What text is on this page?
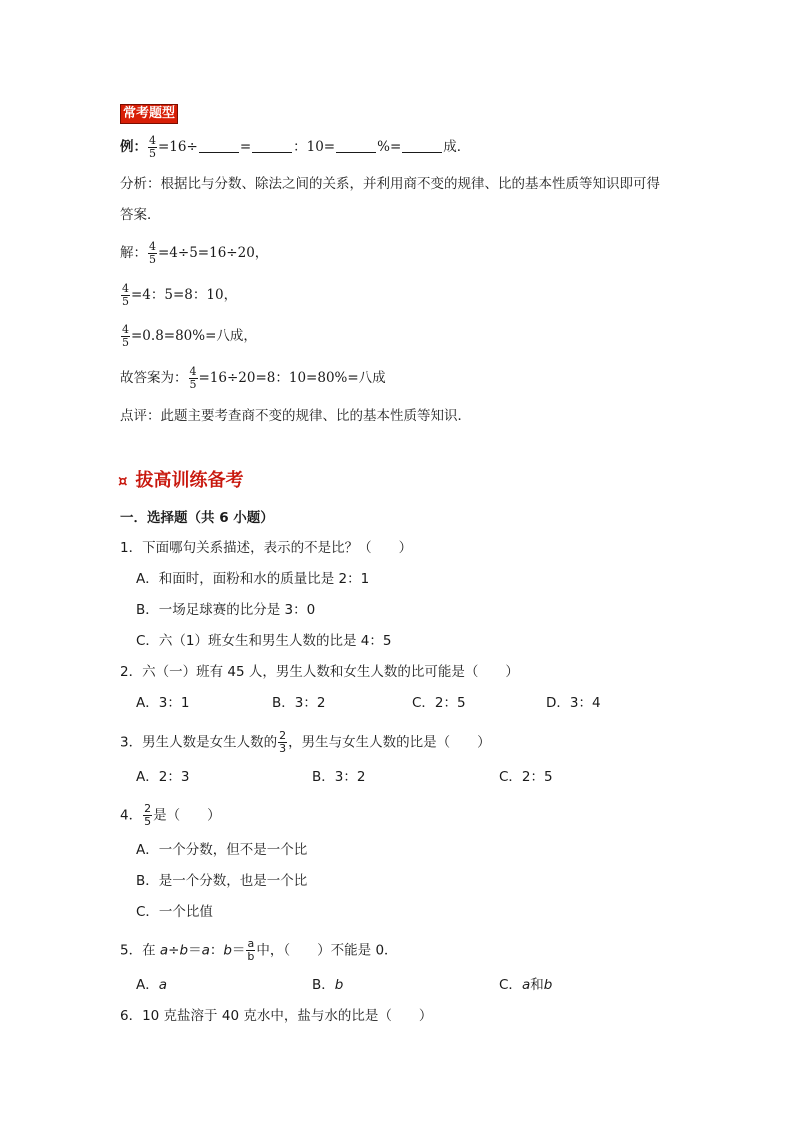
常考题型
例： $\frac{4}{5} =16\div$	=	：10=	%=	成．
分析：根据比与分数、除法之间的关系，并利用商不变的规律、比的基本性质等知识即可得
答案．
解： $\frac{4}{5} =4\div 5=16\div 20$，
$\frac{4}{5} =4$：5=8：10，
$\frac{4}{5} =0.8=80\%=$八成，
故答案为： $\frac{4}{5} =16\div 20=8$：10=80%=八成
点评：此题主要考查商不变的规律、比的基本性质等知识．
¤ 拔高训练备考
一．选择题（共 6 小题）
1．下面哪句关系描述，表示的不是比？（　　）
A．和面时，面粉和水的质量比是 2：1
B．一场足球赛的比分是 3：0
C．六（1）班女生和男生人数的比是 4：5
2．六（一）班有 45 人，男生人数和女生人数的比可能是（　　）
A．3：1	B．3：2	C．2：5	D．3：4
3．男生人数是女生人数的 $\frac{2}{3}$ ，男生与女生人数的比是（　　）
A．2：3	B．3：2	C．2：5
4． $\frac{2}{5}$ 是（　　）
A．一个分数，但不是一个比
B．是一个分数，也是一个比
C．一个比值
5．在 a÷b＝a：$b= \frac{a}{b}$ 中，（　　）不能是 0．
A．a	B．b	C．a和b
6．10 克盐溶于 40 克水中，盐与水的比是（　　）
